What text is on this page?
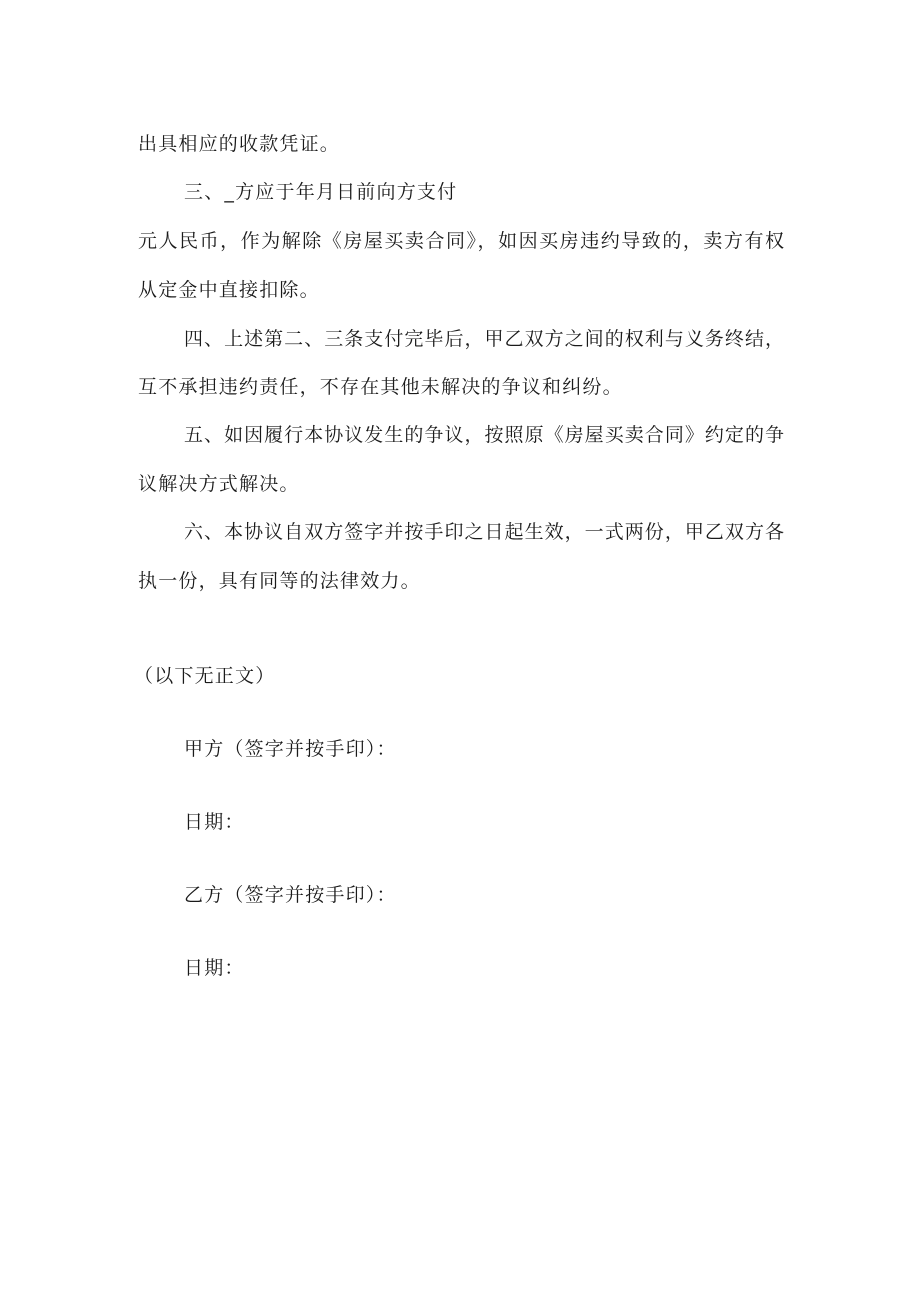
出具相应的收款凭证。

三、_方应于年月日前向方支付

元人民币，作为解除《房屋买卖合同》，如因买房违约导致的，卖方有权

从定金中直接扣除。

四、上述第二、三条支付完毕后，甲乙双方之间的权利与义务终结，

互不承担违约责任，不存在其他未解决的争议和纠纷。

五、如因履行本协议发生的争议，按照原《房屋买卖合同》约定的争

议解决方式解决。

六、本协议自双方签字并按手印之日起生效，一式两份，甲乙双方各

执一份，具有同等的法律效力。

（以下无正文）

甲方（签字并按手印）：

日期：

乙方（签字并按手印）：

日期：
